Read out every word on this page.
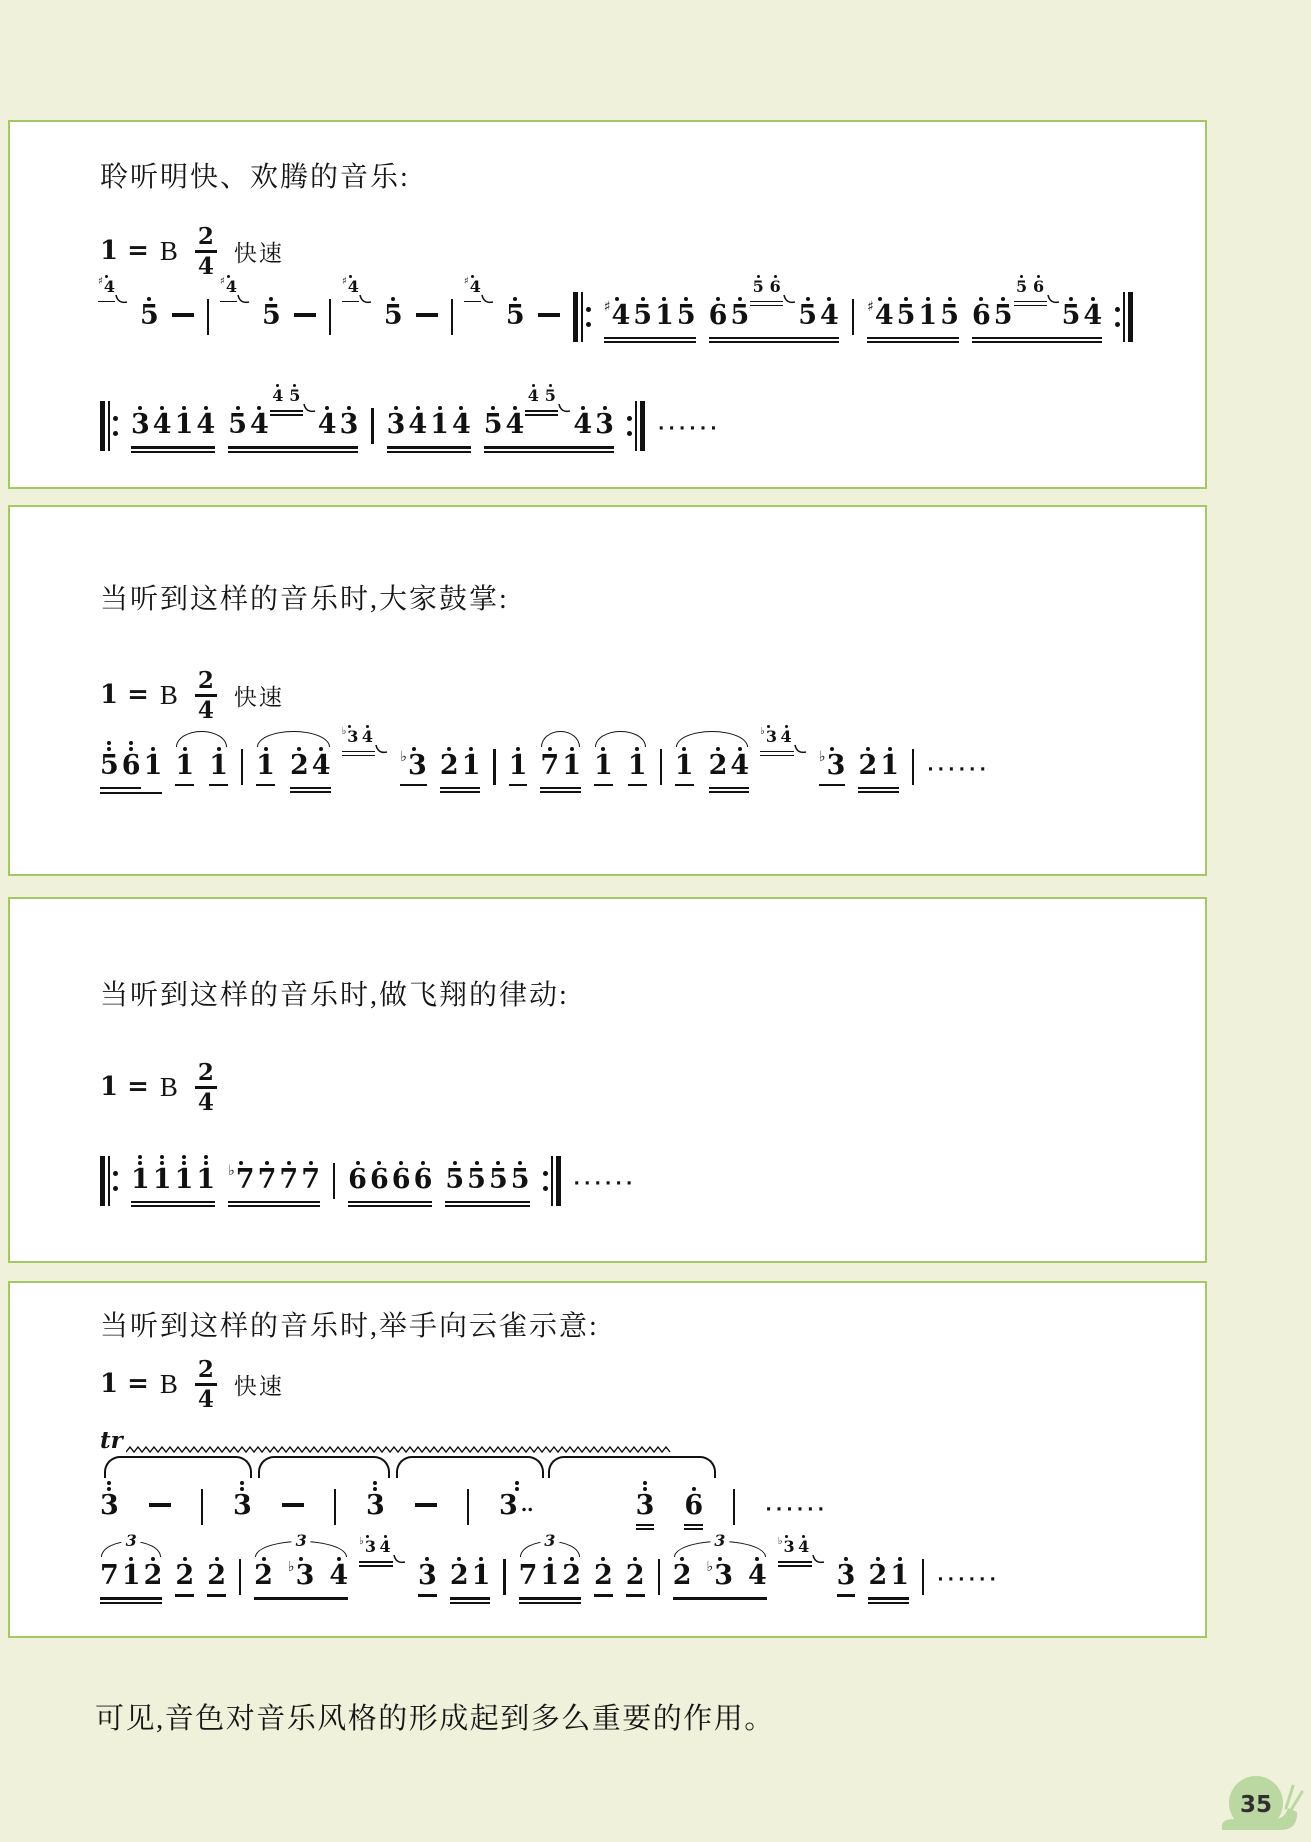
聆听明快、欢腾的音乐:
1 = B $\frac{2}{4}$ 快速
♯ 4
5
♯ 4
5
♯ 4
5
♯ 4
5	♯ 4 5 1 5 6 5
5 6
5 4 ♯ 4 5 1 5 6 5
5 6
5 4
3 4 1 4 5 4
4 5
4 3 3 4 1 4 5 4
4 5
4 3	······
当听到这样的音乐时,大家鼓掌:
1 = B $\frac{2}{4}$ 快速
5 6 1 1 1 1 2 4
♭ 3 4
♭ 3 2 1 1 7 1 1 1 1 2 4
♭ 3 4
♭ 3 2 1 ······
当听到这样的音乐时,做飞翔的律动:
1 = B $\frac{2}{4}$
1 1 1 1 ♭ 7 7 7 7 6 6 6 6 5 5 5 5	······
当听到这样的音乐时,举手向云雀示意:
1 = B $\frac{2}{4}$ 快速
tr
3	3	3	3 ‥	3 6	······
3
7 1 2 2 2
3
2 ♭ 3 4
♭ 3 4
3 2 1
3
7 1 2 2 2
3
2 ♭ 3 4
♭ 3 4
3 2 1 ······

可见,音色对音乐风格的形成起到多么重要的作用。

35
